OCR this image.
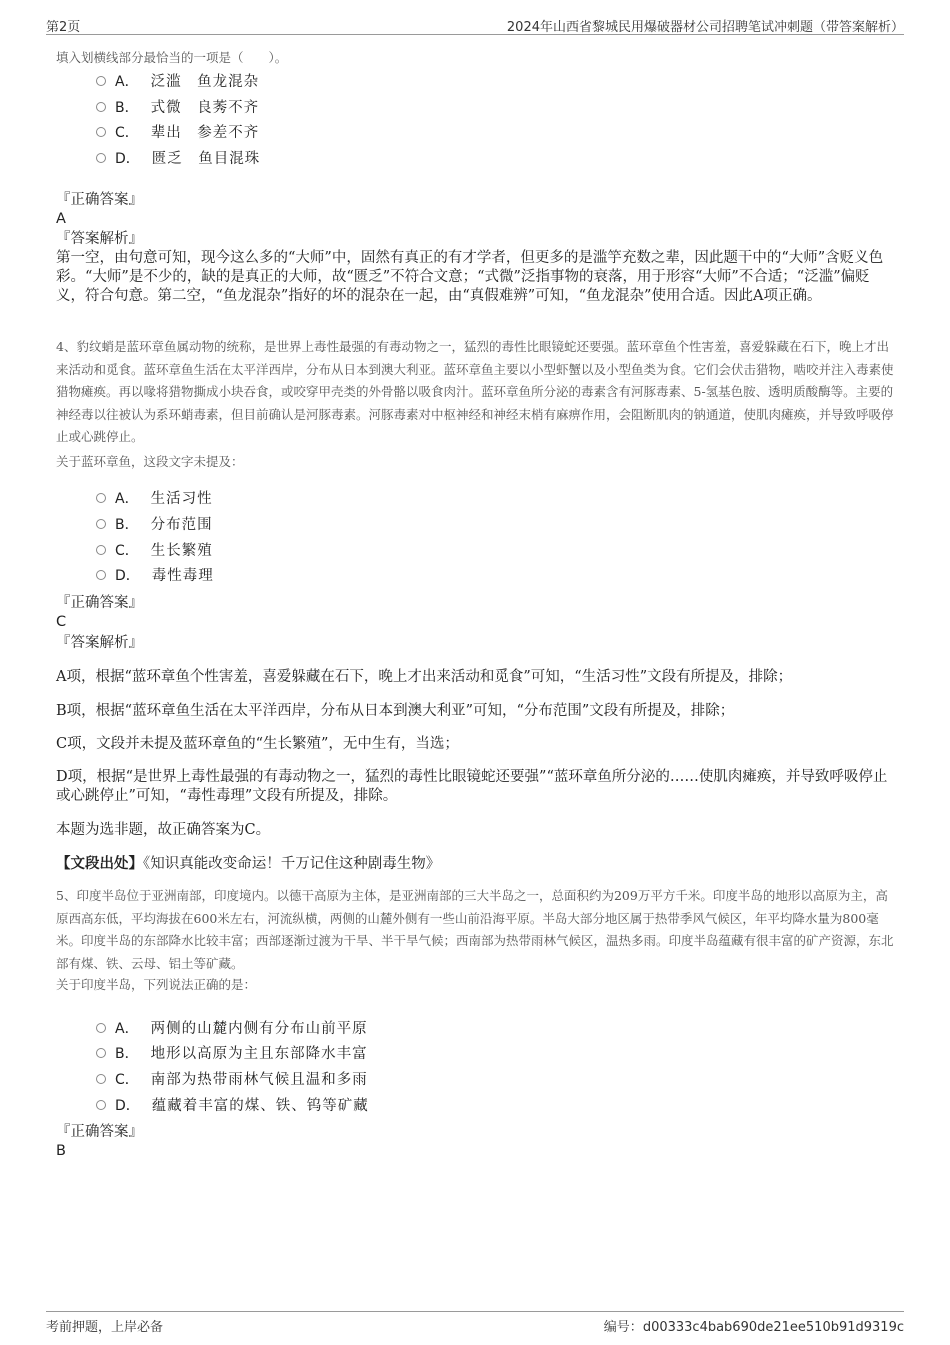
第2页	2024年山西省黎城民用爆破器材公司招聘笔试冲刺题（带答案解析）
填入划横线部分最恰当的一项是（　　）。
A． 泛滥　鱼龙混杂
B． 式微　良莠不齐
C． 辈出　参差不齐
D． 匮乏　鱼目混珠
『正确答案』
A
『答案解析』
第一空，由句意可知，现今这么多的“大师”中，固然有真正的有才学者，但更多的是滥竽充数之辈，因此题干中的“大师”含贬义色彩。“大师”是不少的，缺的是真正的大师，故“匮乏”不符合文意；“式微”泛指事物的衰落，用于形容“大师”不合适；“泛滥”偏贬义，符合句意。第二空，“鱼龙混杂”指好的坏的混杂在一起，由“真假难辨”可知，“鱼龙混杂”使用合适。因此A项正确。
4、豹纹蛸是蓝环章鱼属动物的统称，是世界上毒性最强的有毒动物之一，猛烈的毒性比眼镜蛇还要强。蓝环章鱼个性害羞，喜爱躲藏在石下，晚上才出来活动和觅食。蓝环章鱼生活在太平洋西岸，分布从日本到澳大利亚。蓝环章鱼主要以小型虾蟹以及小型鱼类为食。它们会伏击猎物，啮咬并注入毒素使猎物瘫痪。再以喙将猎物撕成小块吞食，或咬穿甲壳类的外骨骼以吸食肉汁。蓝环章鱼所分泌的毒素含有河豚毒素、5-氢基色胺、透明质酸酶等。主要的神经毒以往被认为系环蛸毒素，但目前确认是河豚毒素。河豚毒素对中枢神经和神经末梢有麻痹作用，会阻断肌肉的钠通道，使肌肉瘫痪，并导致呼吸停止或心跳停止。
关于蓝环章鱼，这段文字未提及：
A． 生活习性
B． 分布范围
C． 生长繁殖
D． 毒性毒理
『正确答案』
C
『答案解析』
A项，根据“蓝环章鱼个性害羞，喜爱躲藏在石下，晚上才出来活动和觅食”可知，“生活习性”文段有所提及，排除；
B项，根据“蓝环章鱼生活在太平洋西岸，分布从日本到澳大利亚”可知，“分布范围”文段有所提及，排除；
C项，文段并未提及蓝环章鱼的“生长繁殖”，无中生有，当选；
D项，根据“是世界上毒性最强的有毒动物之一，猛烈的毒性比眼镜蛇还要强”“蓝环章鱼所分泌的……使肌肉瘫痪，并导致呼吸停止或心跳停止”可知，“毒性毒理”文段有所提及，排除。
本题为选非题，故正确答案为C。
【文段出处】《知识真能改变命运！千万记住这种剧毒生物》
5、印度半岛位于亚洲南部，印度境内。以德干高原为主体，是亚洲南部的三大半岛之一，总面积约为209万平方千米。印度半岛的地形以高原为主，高原西高东低，平均海拔在600米左右，河流纵横，两侧的山麓外侧有一些山前沿海平原。半岛大部分地区属于热带季风气候区，年平均降水量为800毫米。印度半岛的东部降水比较丰富；西部逐渐过渡为干旱、半干旱气候；西南部为热带雨林气候区，温热多雨。印度半岛蕴藏有很丰富的矿产资源，东北部有煤、铁、云母、铝土等矿藏。
关于印度半岛，下列说法正确的是：
A． 两侧的山麓内侧有分布山前平原
B． 地形以高原为主且东部降水丰富
C． 南部为热带雨林气候且温和多雨
D． 蕴藏着丰富的煤、铁、钨等矿藏
『正确答案』
B
考前押题，上岸必备	编号：d00333c4bab690de21ee510b91d9319c
